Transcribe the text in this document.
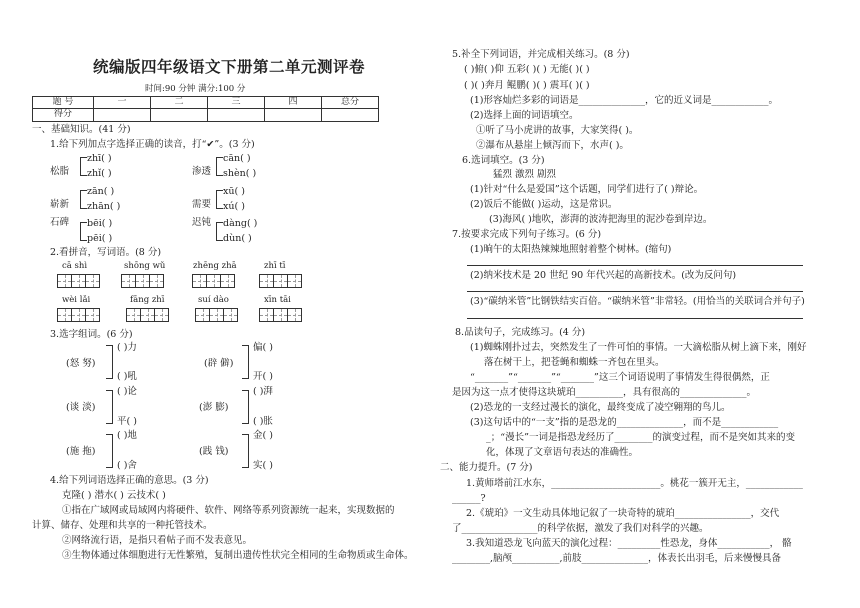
统编版四年级语文下册第二单元测评卷
时间:90 分钟 满分:100 分
题 号	一	二	三	四	总分
得分					
一、基础知识。(41 分)
1.给下列加点字选择正确的读音，打“✔”。(3 分)
zhī( )
松脂 zhǐ( )
cān( )
渗透 shèn( )
zān( )
崭新 zhān( )
xū( )
需要 xú( )
石碑 bēi( )
pēi( )
迟钝 dàng( )
dùn( )
2.看拼音，写词语。(8 分)
cā shì	shōng wǔ	zhēng zhā	zhī tī
wèi lǎi	fāng zhī	suí dào	xīn tāi
3.选字组词。(6 分)
(怒 努)
( )力
( )吼
(辟 僻)
偏( )
开( )
(谈 淡)
( )论
平( )
(澎 膨)
( )湃
( )胀
(施 拖)
( )地
( )舍
(践 钱)
金( )
实( )
4.给下列词语选择正确的意思。(3 分)
克隆( ) 潜水( ) 云技术( )
①指在广域网或局域网内将硬件、软件、网络等系列资源统一起来，实现数据的
计算、储存、处理和共享的一种托管技术。
②网络流行语，是指只看帖子而不发表意见。
③生物体通过体细胞进行无性繁殖，复制出遗传性状完全相同的生命物质或生命体。
5.补全下列词语，并完成相关练习。(8 分)
( )俯( )仰 五彩( )( ) 无能( )( )
( )( )奔月 鲲鹏( )( ) 震耳( )( )
(1)形容灿烂多彩的词语是______________，它的近义词是____________。
(2)选择上面的词语填空。
①听了马小虎讲的故事，大家笑得( )。
②瀑布从悬崖上倾泻而下，水声( )。
6.选词填空。(3 分)
猛烈 激烈 剧烈
(1)针对“什么是爱国”这个话题，同学们进行了( )辩论。
(2)饭后不能做( )运动，这是常识。
(3)海风( )地吹，澎湃的波涛把海里的泥沙卷到岸边。
7.按要求完成下列句子练习。(6 分)
(1)晌午的太阳热辣辣地照射着整个树林。(缩句)
(2)纳米技术是 20 世纪 90 年代兴起的高新技术。(改为反问句)
(3)“碳纳米管”比钢铁结实百倍。“碳纳米管”非常轻。(用恰当的关联词合并句子)
8.品读句子，完成练习。(4 分)
(1)蜘蛛刚扑过去，突然发生了一件可怕的事情。一大滴松脂从树上滴下来，刚好
落在树干上，把苍蝇和蜘蛛一齐包在里头。
“_______”“_______”“_______”这三个词语说明了事情发生得很偶然，正
是因为这一点才使得这块琥珀__________，具有很高的______________。
(2)恐龙的一支经过漫长的演化，最终变成了凌空翱翔的鸟儿。
(3)这句话中的“一支”指的是恐龙的______________，而不是____________
_；“漫长”一词是指恐龙经历了________的演变过程，而不是突如其来的变
化，体现了文章语句表达的准确性。
二、能力提升。(7 分)
1.黄师塔前江水东，_______________________。桃花一簇开无主，____________
______?
2.《琥珀》一文生动具体地记叙了一块奇特的琥珀________________，交代
了________________的科学依据，激发了我们对科学的兴趣。
3.我知道恐龙飞向蓝天的演化过程：_________性恐龙，身体___________， 骼
________,脑颅__________,前肢______________，体表长出羽毛，后来慢慢具备
